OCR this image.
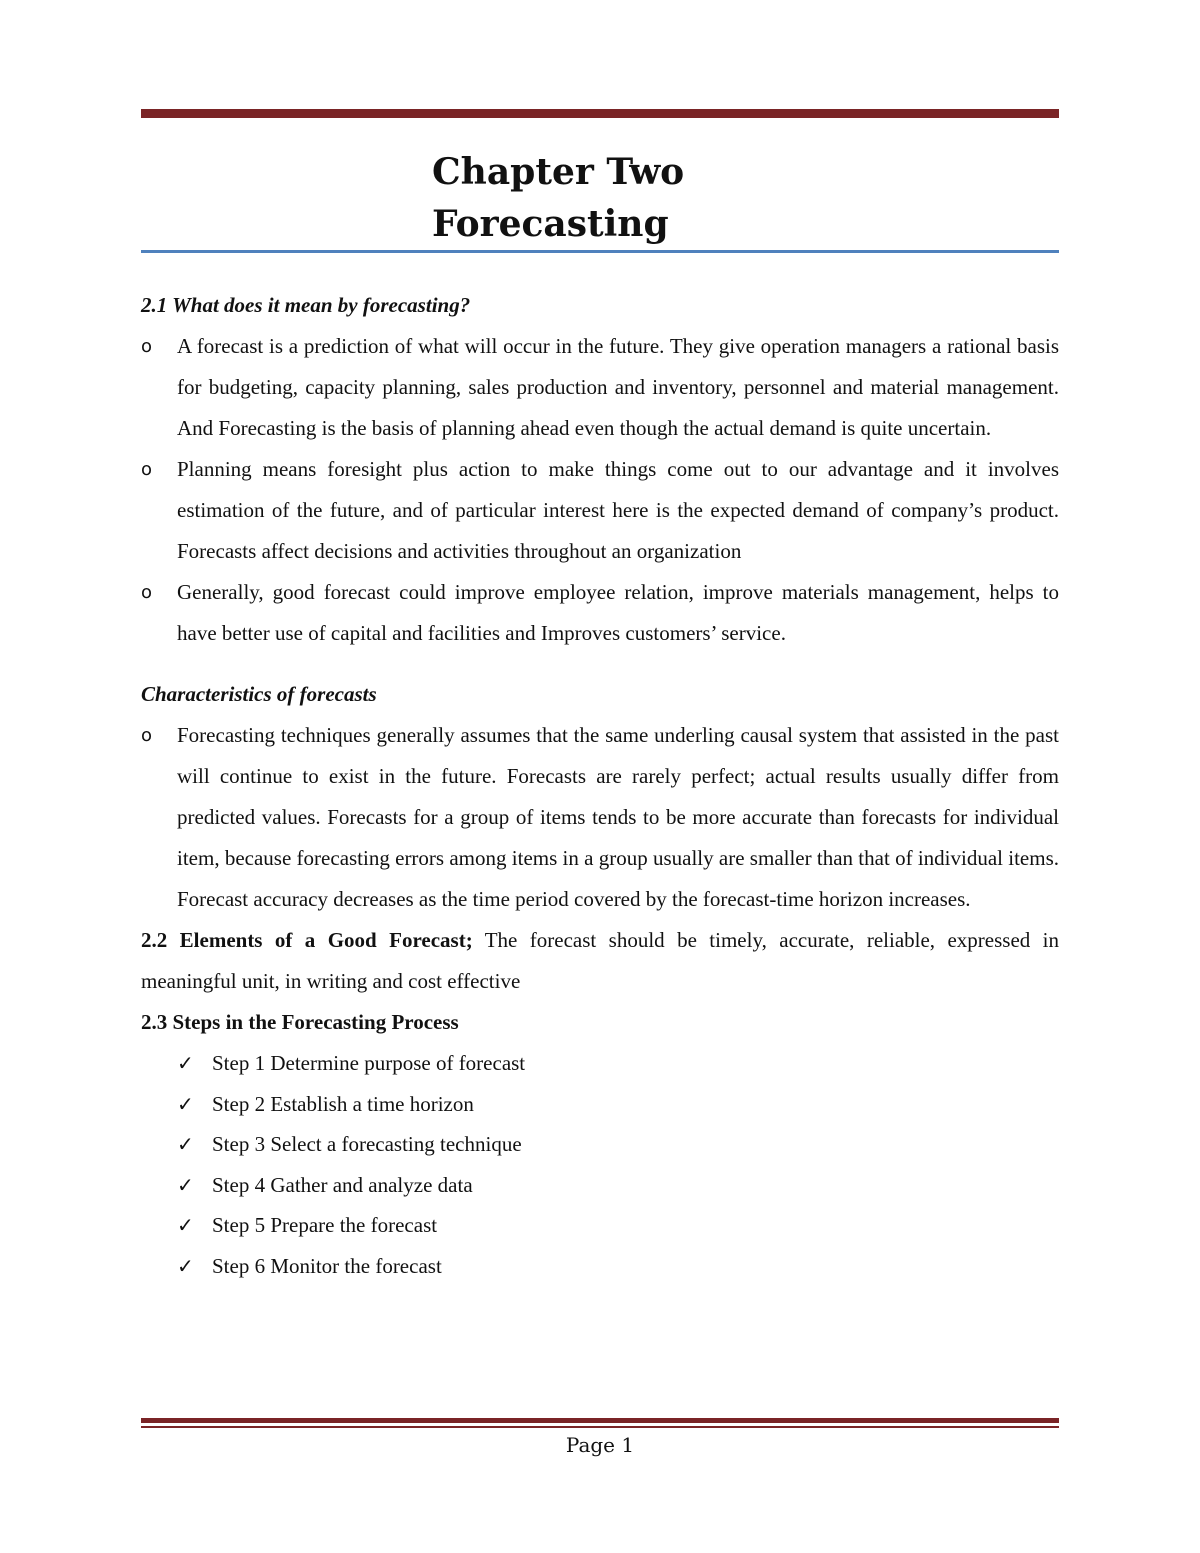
Chapter Two
Forecasting

2.1 What does it mean by forecasting?

o A forecast is a prediction of what will occur in the future. They give operation managers a rational basis for budgeting, capacity planning, sales production and inventory, personnel and material management. And Forecasting is the basis of planning ahead even though the actual demand is quite uncertain.
o Planning means foresight plus action to make things come out to our advantage and it involves estimation of the future, and of particular interest here is the expected demand of company’s product. Forecasts affect decisions and activities throughout an organization
o Generally, good forecast could improve employee relation, improve materials management, helps to have better use of capital and facilities and Improves customers’ service.

Characteristics of forecasts

o Forecasting techniques generally assumes that the same underling causal system that assisted in the past will continue to exist in the future. Forecasts are rarely perfect; actual results usually differ from predicted values. Forecasts for a group of items tends to be more accurate than forecasts for individual item, because forecasting errors among items in a group usually are smaller than that of individual items. Forecast accuracy decreases as the time period covered by the forecast-time horizon increases.

2.2 Elements of a Good Forecast; The forecast should be timely, accurate, reliable, expressed in meaningful unit, in writing and cost effective

2.3 Steps in the Forecasting Process

✓ Step 1 Determine purpose of forecast
✓ Step 2 Establish a time horizon
✓ Step 3 Select a forecasting technique
✓ Step 4 Gather and analyze data
✓ Step 5 Prepare the forecast
✓ Step 6 Monitor the forecast
Page 1
